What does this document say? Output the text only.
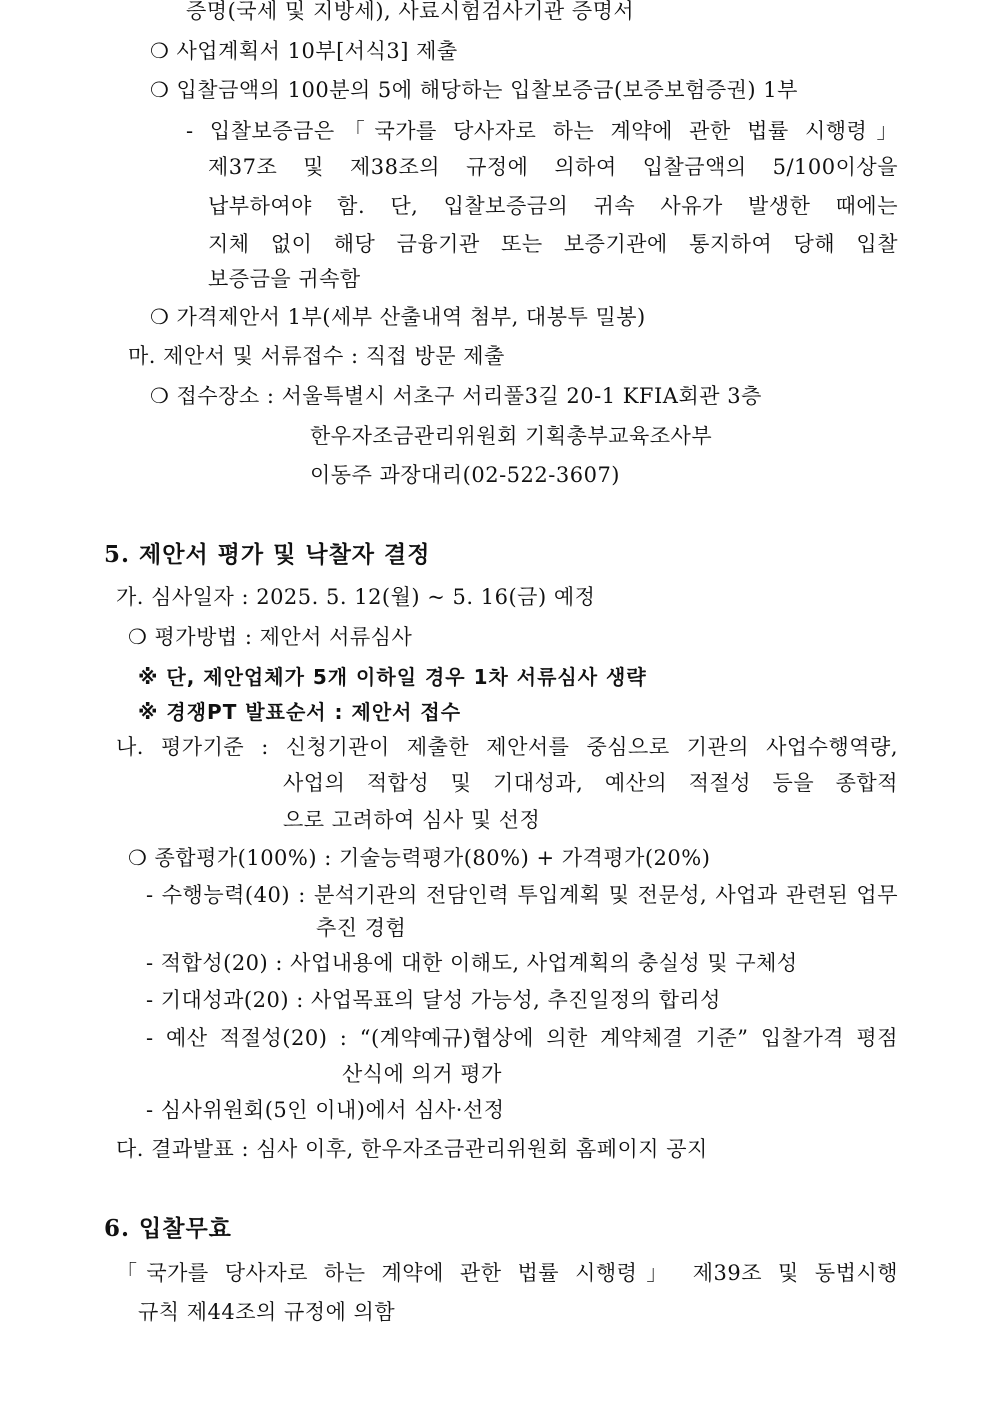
증명(국세 및 지방세), 사료시험검사기관 증명서
❍ 사업계획서 10부[서식3] 제출
❍ 입찰금액의 100분의 5에 해당하는 입찰보증금(보증보험증권) 1부
- 입찰보증금은「국가를 당사자로 하는 계약에 관한 법률 시행령」
제37조 및 제38조의 규정에 의하여 입찰금액의 5/100이상을
납부하여야 함. 단, 입찰보증금의 귀속 사유가 발생한 때에는
지체 없이 해당 금융기관 또는 보증기관에 통지하여 당해 입찰
보증금을 귀속함
❍ 가격제안서 1부(세부 산출내역 첨부, 대봉투 밀봉)
마. 제안서 및 서류접수 : 직접 방문 제출
❍ 접수장소 : 서울특별시 서초구 서리풀3길 20-1 KFIA회관 3층
한우자조금관리위원회 기획총부교육조사부
이동주 과장대리(02-522-3607)
5. 제안서 평가 및 낙찰자 결정
가. 심사일자 : 2025. 5. 12(월) ~ 5. 16(금) 예정
❍ 평가방법 : 제안서 서류심사
※ 단, 제안업체가 5개 이하일 경우 1차 서류심사 생략
※ 경쟁PT 발표순서 : 제안서 접수
나. 평가기준 : 신청기관이 제출한 제안서를 중심으로 기관의 사업수행역량,
사업의 적합성 및 기대성과, 예산의 적절성 등을 종합적
으로 고려하여 심사 및 선정
❍ 종합평가(100%) : 기술능력평가(80%) + 가격평가(20%)
- 수행능력(40) : 분석기관의 전담인력 투입계획 및 전문성, 사업과 관련된 업무
추진 경험
- 적합성(20) : 사업내용에 대한 이해도, 사업계획의 충실성 및 구체성
- 기대성과(20) : 사업목표의 달성 가능성, 추진일정의 합리성
- 예산 적절성(20) : “(계약예규)협상에 의한 계약체결 기준” 입찰가격 평점
산식에 의거 평가
- 심사위원회(5인 이내)에서 심사·선정
다. 결과발표 : 심사 이후, 한우자조금관리위원회 홈페이지 공지
6. 입찰무효
「국가를 당사자로 하는 계약에 관한 법률 시행령」 제39조 및 동법시행
규칙 제44조의 규정에 의함
